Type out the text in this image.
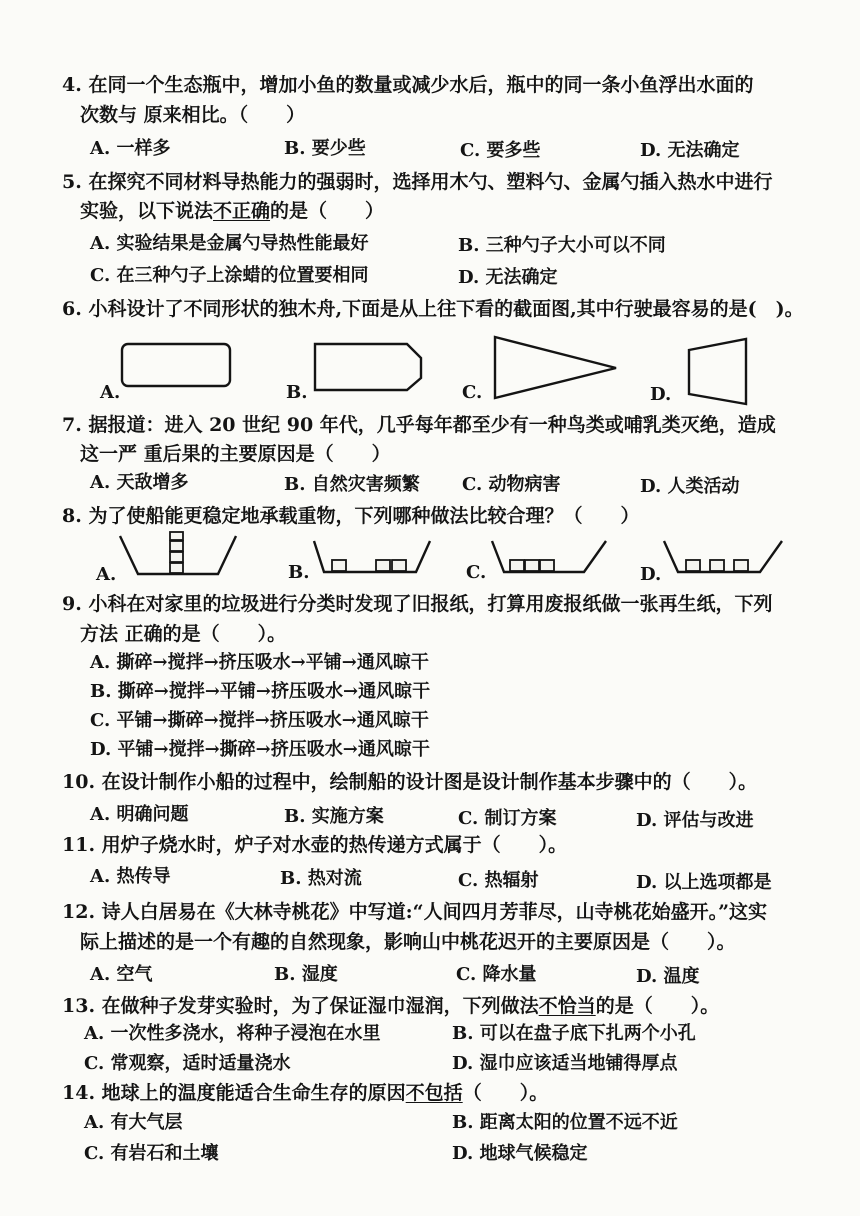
4. 在同一个生态瓶中，增加小鱼的数量或减少水后，瓶中的同一条小鱼浮出水面的
次数与 原来相比。（　　）
A. 一样多	B. 要少些	C. 要多些	D. 无法确定
5. 在探究不同材料导热能力的强弱时，选择用木勺、塑料勺、金属勺插入热水中进行
实验，以下说法不正确的是（　　）
A. 实验结果是金属勺导热性能最好	B. 三种勺子大小可以不同
C. 在三种勺子上涂蜡的位置要相同	D. 无法确定
6. 小科设计了不同形状的独木舟,下面是从上往下看的截面图,其中行驶最容易的是(　)。
A.	B.	C.	D.
7. 据报道：进入 20 世纪 90 年代，几乎每年都至少有一种鸟类或哺乳类灭绝，造成
这一严 重后果的主要原因是（　　）
A. 天敌增多	B. 自然灾害频繁 C. 动物病害	D. 人类活动
8. 为了使船能更稳定地承载重物，下列哪种做法比较合理？（　　）
A.	B.	C.	D.
9. 小科在对家里的垃圾进行分类时发现了旧报纸，打算用废报纸做一张再生纸，下列
方法 正确的是（　　）。
A. 撕碎→搅拌→挤压吸水→平铺→通风晾干
B. 撕碎→搅拌→平铺→挤压吸水→通风晾干
C. 平铺→撕碎→搅拌→挤压吸水→通风晾干
D. 平铺→搅拌→撕碎→挤压吸水→通风晾干
10. 在设计制作小船的过程中，绘制船的设计图是设计制作基本步骤中的（　　）。
A. 明确问题	B. 实施方案	C. 制订方案	D. 评估与改进
11. 用炉子烧水时，炉子对水壶的热传递方式属于（　　）。
A. 热传导	B. 热对流	C. 热辐射	D. 以上选项都是
12. 诗人白居易在《大林寺桃花》中写道:“人间四月芳菲尽，山寺桃花始盛开。”这实
际上描述的是一个有趣的自然现象，影响山中桃花迟开的主要原因是（　　）。
A. 空气	B. 湿度	C. 降水量	D. 温度
13. 在做种子发芽实验时，为了保证湿巾湿润，下列做法不恰当的是（　　）。
A. 一次性多浇水，将种子浸泡在水里	B. 可以在盘子底下扎两个小孔
C. 常观察，适时适量浇水	D. 湿巾应该适当地铺得厚点
14. 地球上的温度能适合生命生存的原因不包括（　　）。
A. 有大气层	B. 距离太阳的位置不远不近
C. 有岩石和土壤	D. 地球气候稳定
